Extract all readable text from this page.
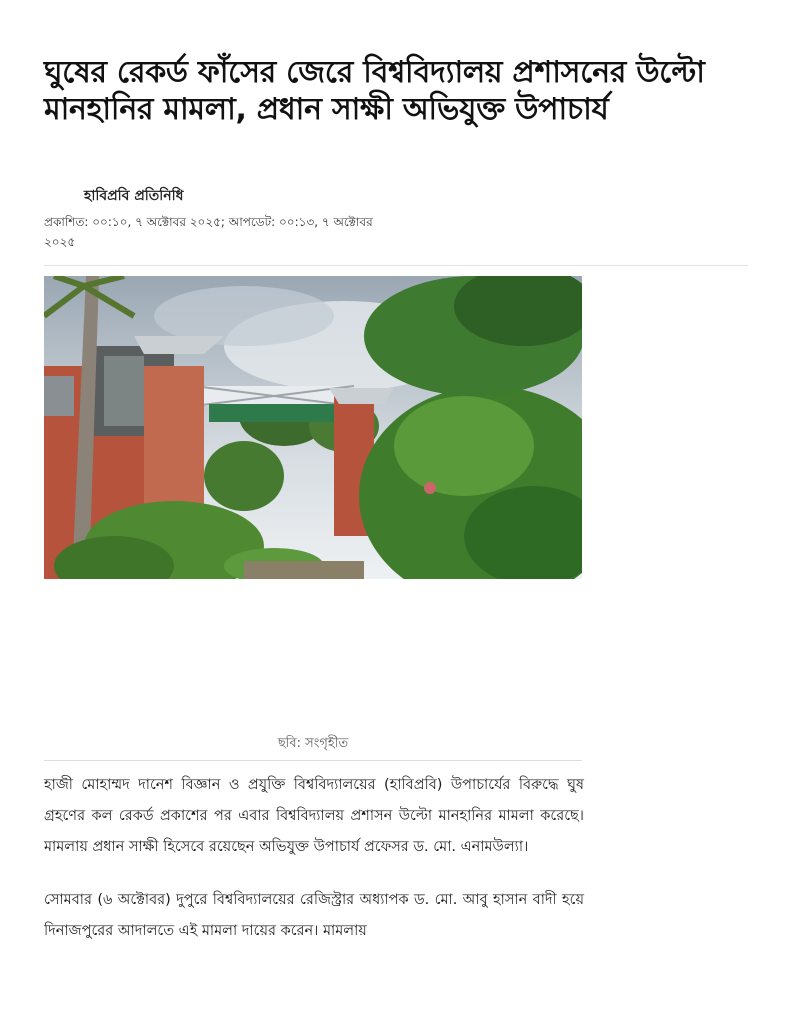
ঘুষের রেকর্ড ফাঁসের জেরে বিশ্ববিদ্যালয় প্রশাসনের উল্টো মানহানির মামলা, প্রধান সাক্ষী অভিযুক্ত উপাচার্য
হাবিপ্রবি প্রতিনিধি
প্রকাশিত: ০০:১০, ৭ অক্টোবর ২০২৫; আপডেট: ০০:১৩, ৭ অক্টোবর ২০২৫
ছবি: সংগৃহীত

হাজী মোহাম্মদ দানেশ বিজ্ঞান ও প্রযুক্তি বিশ্ববিদ্যালয়ের (হাবিপ্রবি) উপাচার্যের বিরুদ্ধে ঘুষ গ্রহণের কল রেকর্ড প্রকাশের পর এবার বিশ্ববিদ্যালয় প্রশাসন উল্টো মানহানির মামলা করেছে। মামলায় প্রধান সাক্ষী হিসেবে রয়েছেন অভিযুক্ত উপাচার্য প্রফেসর ড. মো. এনামউল্যা।

সোমবার (৬ অক্টোবর) দুপুরে বিশ্ববিদ্যালয়ের রেজিস্ট্রার অধ্যাপক ড. মো. আবু হাসান বাদী হয়ে দিনাজপুরের আদালতে এই মামলা দায়ের করেন। মামলায়
